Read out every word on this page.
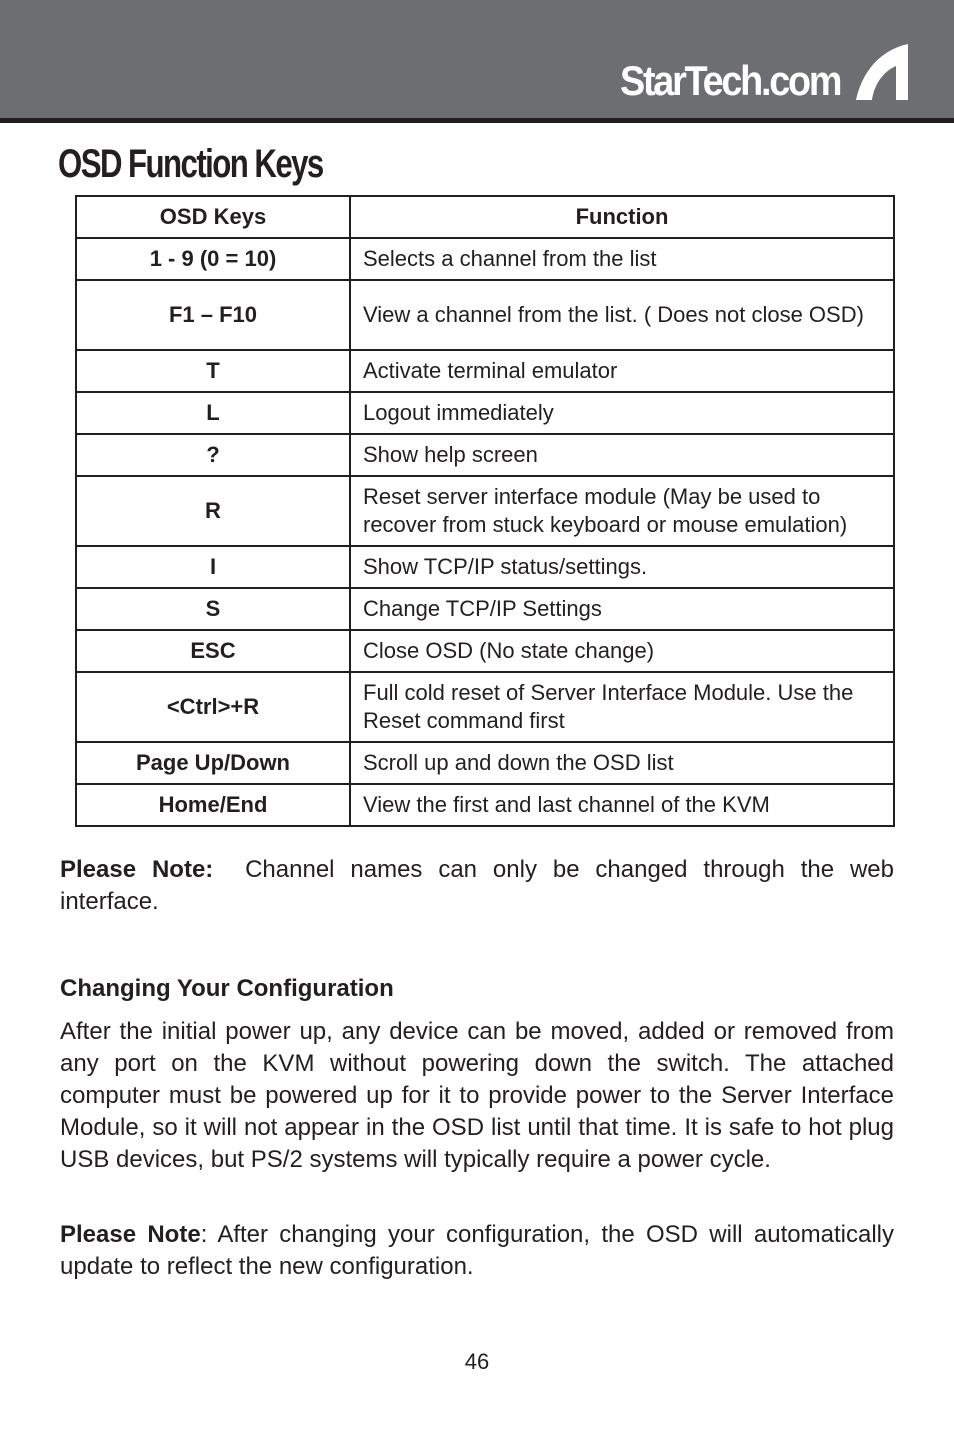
StarTech.com
OSD Function Keys
OSD Keys	Function
1 - 9 (0 = 10)	Selects a channel from the list
F1 – F10	View a channel from the list. ( Does not close OSD)
T	Activate terminal emulator
L	Logout immediately
?	Show help screen
R	Reset server interface module (May be used to recover from stuck keyboard or mouse emulation)
I	Show TCP/IP status/settings.
S	Change TCP/IP Settings
ESC	Close OSD (No state change)
<Ctrl>+R	Full cold reset of Server Interface Module. Use the Reset command first
Page Up/Down	Scroll up and down the OSD list
Home/End	View the first and last channel of the KVM

Please Note: Channel names can only be changed through the web interface.

Changing Your Configuration

After the initial power up, any device can be moved, added or removed from any port on the KVM without powering down the switch. The attached computer must be powered up for it to provide power to the Server Interface Module, so it will not appear in the OSD list until that time. It is safe to hot plug USB devices, but PS/2 systems will typically require a power cycle.

Please Note: After changing your configuration, the OSD will automatically update to reflect the new configuration.

46
